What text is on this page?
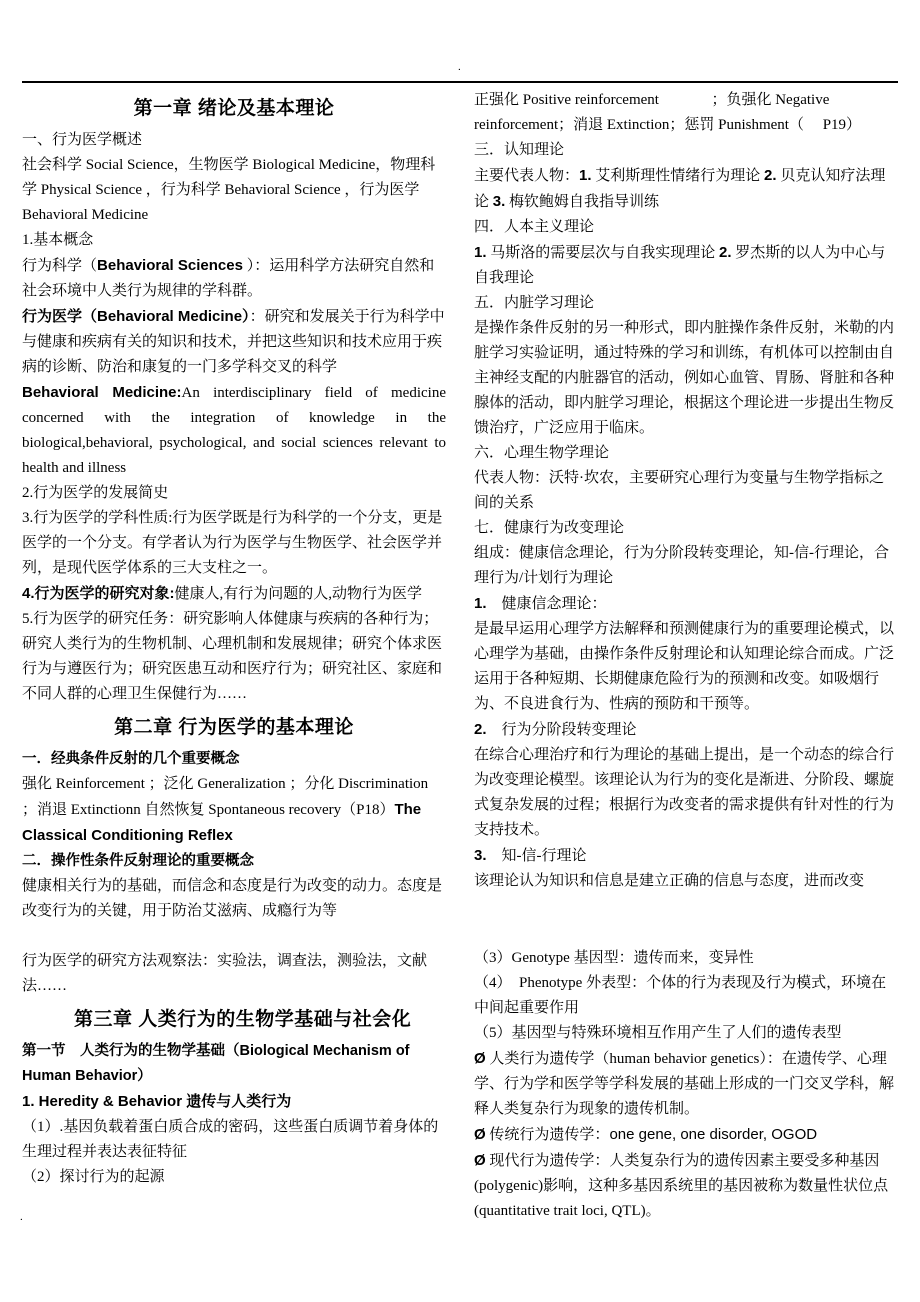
.
第一章 绪论及基本理论

一、行为医学概述

社会科学 Social Science，生物医学 Biological Medicine，物理科学 Physical Science ，行为科学 Behavioral Science ，行为医学 Behavioral Medicine

1.基本概念

行为科学（Behavioral Sciences ）：运用科学方法研究自然和社会环境中人类行为规律的学科群。

行为医学（Behavioral Medicine）：研究和发展关于行为科学中与健康和疾病有关的知识和技术，并把这些知识和技术应用于疾病的诊断、防治和康复的一门多学科交叉的科学

Behavioral Medicine:An interdisciplinary field of medicine concerned with the integration of knowledge in the biological,behavioral, psychological, and social sciences relevant to health and illness

2.行为医学的发展简史

3.行为医学的学科性质:行为医学既是行为科学的一个分支，更是医学的一个分支。有学者认为行为医学与生物医学、社会医学并列，是现代医学体系的三大支柱之一。

4.行为医学的研究对象:健康人,有行为问题的人,动物行为医学

5.行为医学的研究任务：研究影响人体健康与疾病的各种行为；研究人类行为的生物机制、心理机制和发展规律；研究个体求医行为与遵医行为；研究医患互动和医疗行为；研究社区、家庭和不同人群的心理卫生保健行为……

第二章 行为医学的基本理论

一．经典条件反射的几个重要概念

强化 Reinforcement ；泛化 Generalization ；分化 Discrimination ；消退 Extinctionn 自然恢复 Spontaneous recovery（P18）The Classical Conditioning Reflex

二．操作性条件反射理论的重要概念

健康相关行为的基础，而信念和态度是行为改变的动力。态度是改变行为的关键，用于防治艾滋病、成瘾行为等

行为医学的研究方法观察法：实验法，调查法，测验法，文献法……

第三章 人类行为的生物学基础与社会化

第一节　人类行为的生物学基础（Biological Mechanism of Human Behavior）

1. Heredity & Behavior 遗传与人类行为

（1）.基因负载着蛋白质合成的密码，这些蛋白质调节着身体的生理过程并表达表征特征

（2）探讨行为的起源

正强化 Positive reinforcement	；负强化 Negative reinforcement；消退 Extinction；惩罚 Punishment（ P19）

三．认知理论

主要代表人物：1. 艾利斯理性情绪行为理论 2. 贝克认知疗法理论 3. 梅钦鲍姆自我指导训练

四．人本主义理论

1. 马斯洛的需要层次与自我实现理论 2. 罗杰斯的以人为中心与自我理论

五．内脏学习理论

是操作条件反射的另一种形式，即内脏操作条件反射，米勒的内脏学习实验证明，通过特殊的学习和训练，有机体可以控制由自主神经支配的内脏器官的活动，例如心血管、胃肠、肾脏和各种腺体的活动，即内脏学习理论，根据这个理论进一步提出生物反馈治疗，广泛应用于临床。

六．心理生物学理论

代表人物：沃特·坎农，主要研究心理行为变量与生物学指标之间的关系

七．健康行为改变理论

组成：健康信念理论，行为分阶段转变理论，知-信-行理论，合理行为/计划行为理论

1.　健康信念理论：

是最早运用心理学方法解释和预测健康行为的重要理论模式，以心理学为基础，由操作条件反射理论和认知理论综合而成。广泛运用于各种短期、长期健康危险行为的预测和改变。如吸烟行为、不良进食行为、性病的预防和干预等。

2.　行为分阶段转变理论

在综合心理治疗和行为理论的基础上提出，是一个动态的综合行为改变理论模型。该理论认为行为的变化是渐进、分阶段、螺旋式复杂发展的过程；根据行为改变者的需求提供有针对性的行为支持技术。

3.　知-信-行理论

该理论认为知识和信息是建立正确的信息与态度，进而改变

（3）Genotype 基因型：遗传而来，变异性

（4）　Phenotype 外表型：个体的行为表现及行为模式，环境在中间起重要作用

（5）基因型与特殊环境相互作用产生了人们的遗传表型

Ø 人类行为遗传学（human behavior genetics）：在遗传学、心理学、行为学和医学等学科发展的基础上形成的一门交叉学科，解释人类复杂行为现象的遗传机制。

Ø 传统行为遗传学：one gene, one disorder, OGOD

Ø 现代行为遗传学：人类复杂行为的遗传因素主要受多种基因(polygenic)影响，这种多基因系统里的基因被称为数量性状位点(quantitative trait loci, QTL)。

.
